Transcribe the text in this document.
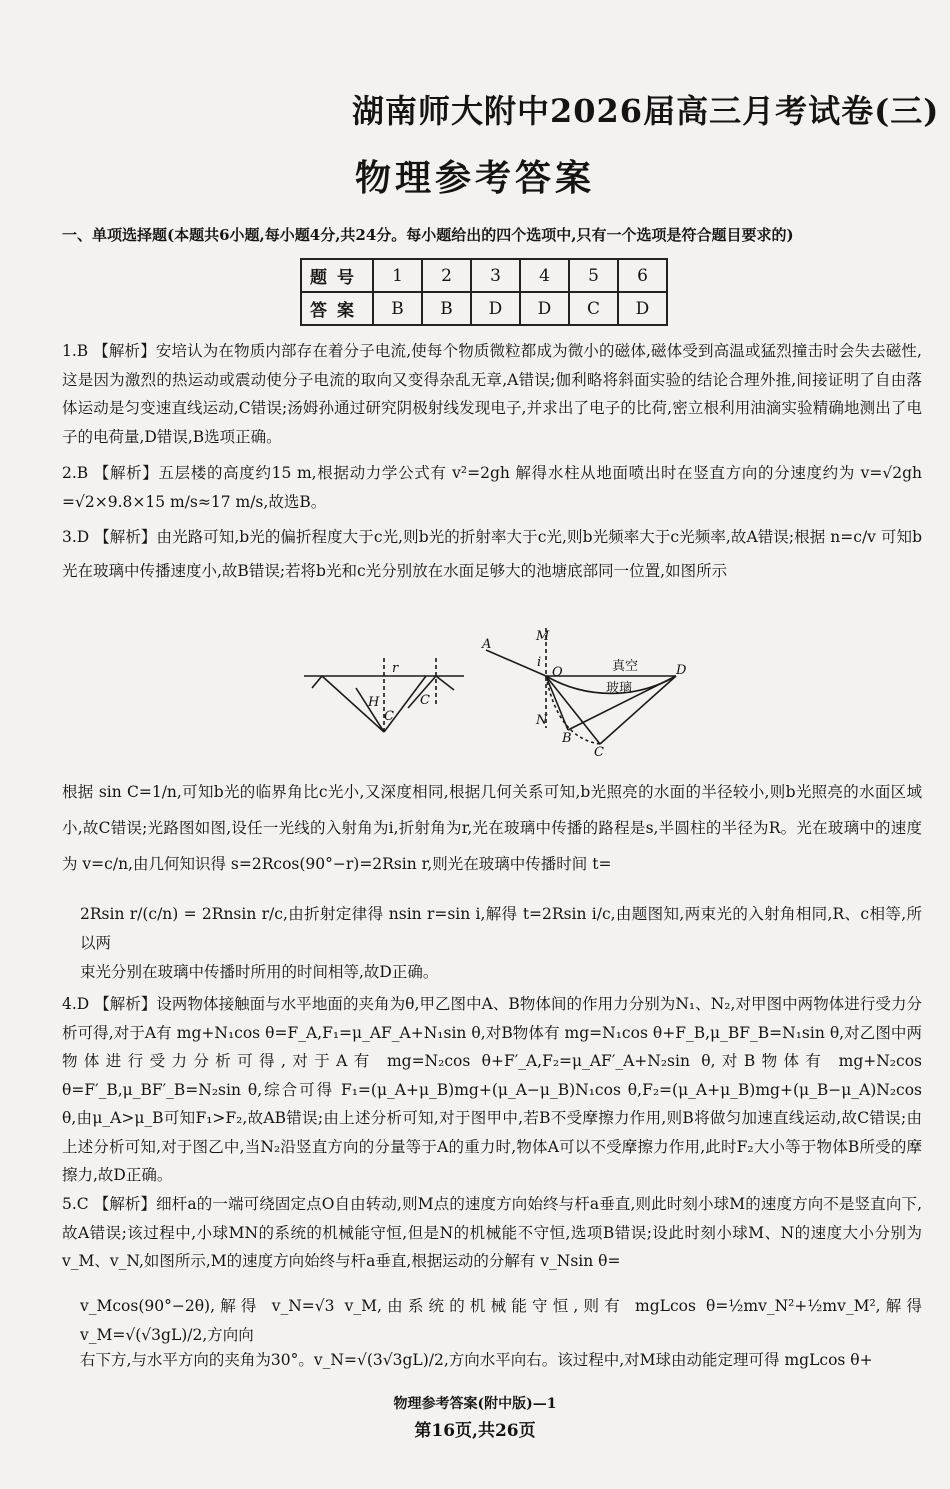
湖南师大附中2026届高三月考试卷(三)
物理参考答案
一、单项选择题(本题共6小题,每小题4分,共24分。每小题给出的四个选项中,只有一个选项是符合题目要求的)
题号	1	2	3	4	5	6
答案	B	B	D	D	C	D
1.B 【解析】安培认为在物质内部存在着分子电流,使每个物质微粒都成为微小的磁体,磁体受到高温或猛烈撞击时会失去磁性,这是因为激烈的热运动或震动使分子电流的取向又变得杂乱无章,A错误;伽利略将斜面实验的结论合理外推,间接证明了自由落体运动是匀变速直线运动,C错误;汤姆孙通过研究阴极射线发现电子,并求出了电子的比荷,密立根利用油滴实验精确地测出了电子的电荷量,D错误,B选项正确。
2.B 【解析】五层楼的高度约15 m,根据动力学公式有 v²=2gh 解得水柱从地面喷出时在竖直方向的分速度约为 v=√2gh =√2×9.8×15 m/s≈17 m/s,故选B。
3.D 【解析】由光路可知,b光的偏折程度大于c光,则b光的折射率大于c光,则b光频率大于c光频率,故A错误;根据 n=c/v 可知b光在玻璃中传播速度小,故B错误;若将b光和c光分别放在水面足够大的池塘底部同一位置,如图所示
r
H
C
C
A
M
i
O	真空
玻璃
D
N
B
C
根据 sin C=1/n,可知b光的临界角比c光小,又深度相同,根据几何关系可知,b光照亮的水面的半径较小,则b光照亮的水面区域小,故C错误;光路图如图,设任一光线的入射角为i,折射角为r,光在玻璃中传播的路程是s,半圆柱的半径为R。光在玻璃中的速度为 v=c/n,由几何知识得 s=2Rcos(90°−r)=2Rsin r,则光在玻璃中传播时间 t=
2Rsin r/(c/n) = 2Rnsin r/c,由折射定律得 nsin r=sin i,解得 t=2Rsin i/c,由题图知,两束光的入射角相同,R、c相等,所以两
束光分别在玻璃中传播时所用的时间相等,故D正确。
4.D 【解析】设两物体接触面与水平地面的夹角为θ,甲乙图中A、B物体间的作用力分别为N₁、N₂,对甲图中两物体进行受力分析可得,对于A有 mg+N₁cos θ=F_A,F₁=μ_AF_A+N₁sin θ,对B物体有 mg=N₁cos θ+F_B,μ_BF_B=N₁sin θ,对乙图中两物体进行受力分析可得,对于A有 mg=N₂cos θ+F′_A,F₂=μ_AF′_A+N₂sin θ,对B物体有 mg+N₂cos θ=F′_B,μ_BF′_B=N₂sin θ,综合可得 F₁=(μ_A+μ_B)mg+(μ_A−μ_B)N₁cos θ,F₂=(μ_A+μ_B)mg+(μ_B−μ_A)N₂cos θ,由μ_A>μ_B可知F₁>F₂,故AB错误;由上述分析可知,对于图甲中,若B不受摩擦力作用,则B将做匀加速直线运动,故C错误;由上述分析可知,对于图乙中,当N₂沿竖直方向的分量等于A的重力时,物体A可以不受摩擦力作用,此时F₂大小等于物体B所受的摩擦力,故D正确。
5.C 【解析】细杆a的一端可绕固定点O自由转动,则M点的速度方向始终与杆a垂直,则此时刻小球M的速度方向不是竖直向下,故A错误;该过程中,小球MN的系统的机械能守恒,但是N的机械能不守恒,选项B错误;设此时刻小球M、N的速度大小分别为v_M、v_N,如图所示,M的速度方向始终与杆a垂直,根据运动的分解有 v_Nsin θ=
v_Mcos(90°−2θ),解得 v_N=√3 v_M,由系统的机械能守恒,则有 mgLcos θ=½mv_N²+½mv_M²,解得 v_M=√(√3gL)/2,方向向
右下方,与水平方向的夹角为30°。v_N=√(3√3gL)/2,方向水平向右。该过程中,对M球由动能定理可得 mgLcos θ+
物理参考答案(附中版)—1
第16页,共26页
